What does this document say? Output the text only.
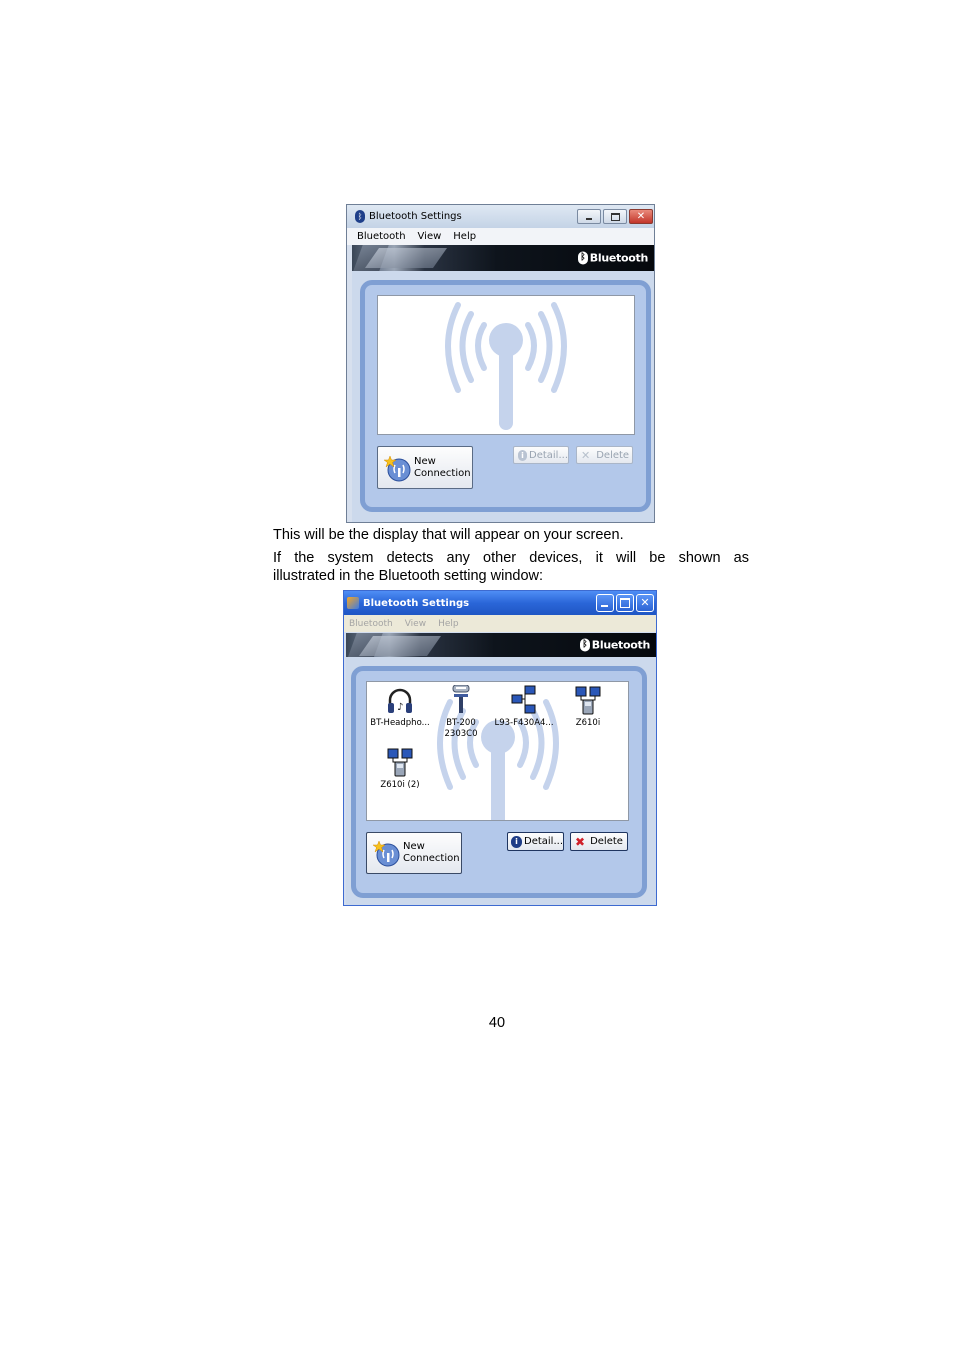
ᛒ Bluetooth Settings	✕
Bluetooth View Help
ᛒ Bluetooth
New
Connection
i Detail... ✕ Delete
This will be the display that will appear on your screen.
If the system detects any other devices, it will be shown as
illustrated in the Bluetooth setting window:
Bluetooth Settings	✕
Bluetooth View Help
ᛒ Bluetooth
♪
BT-Headpho...	BT-200
2303C0
L93-F430A4...	Z610i
Z610i (2)
New
Connection
i Detail... ✖ Delete
40
